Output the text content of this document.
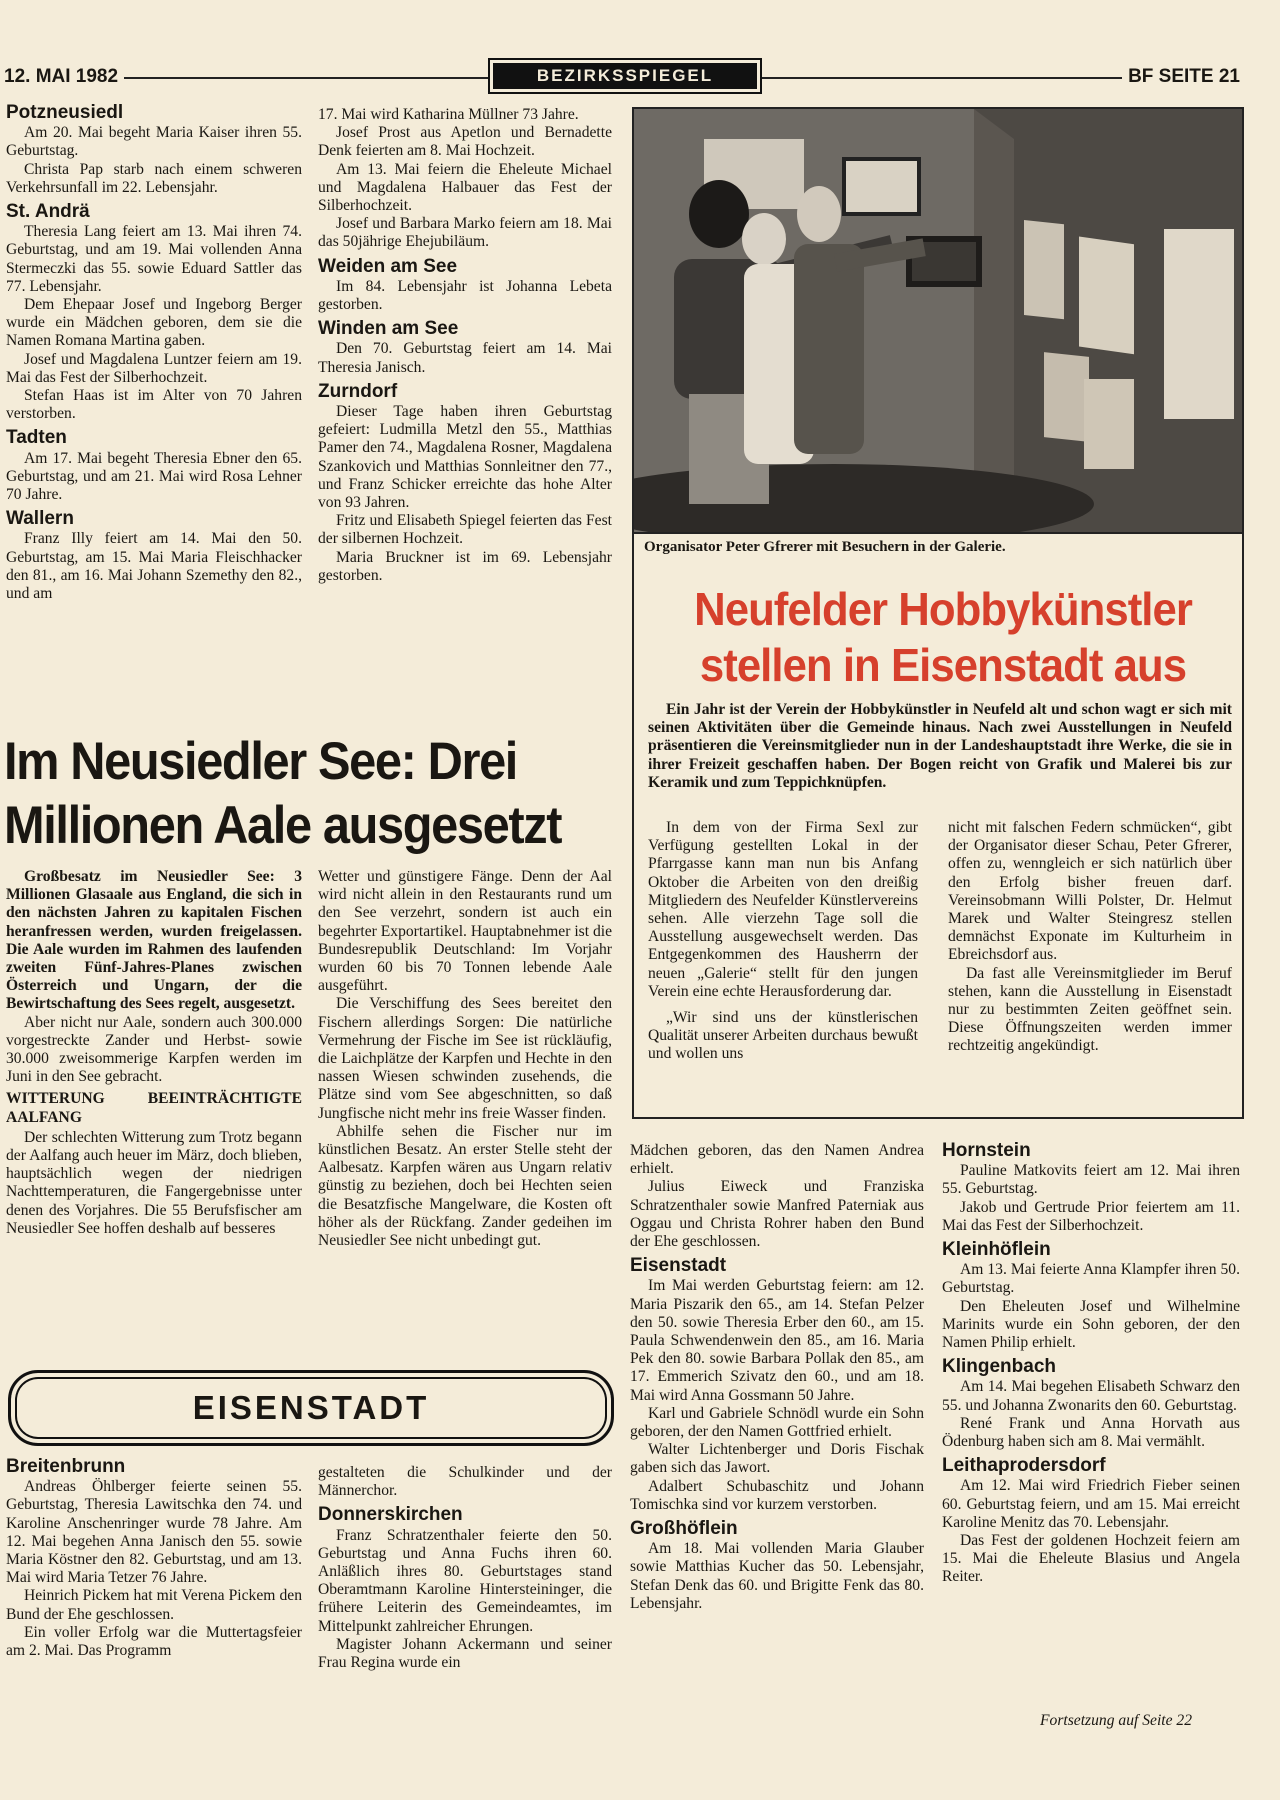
12. MAI 1982	BEZIRKSSPIEGEL	BF SEITE 21
Potzneusiedl

Am 20. Mai begeht Maria Kaiser ihren 55. Geburtstag.

Christa Pap starb nach einem schweren Verkehrsunfall im 22. Lebensjahr.

St. Andrä

Theresia Lang feiert am 13. Mai ihren 74. Geburtstag, und am 19. Mai vollenden Anna Stermeczki das 55. sowie Eduard Sattler das 77. Lebensjahr.

Dem Ehepaar Josef und Ingeborg Berger wurde ein Mädchen geboren, dem sie die Namen Romana Martina gaben.

Josef und Magdalena Luntzer feiern am 19. Mai das Fest der Silberhochzeit.

Stefan Haas ist im Alter von 70 Jahren verstorben.

Tadten

Am 17. Mai begeht Theresia Ebner den 65. Geburtstag, und am 21. Mai wird Rosa Lehner 70 Jahre.

Wallern

Franz Illy feiert am 14. Mai den 50. Geburtstag, am 15. Mai Maria Fleischhacker den 81., am 16. Mai Johann Szemethy den 82., und am

17. Mai wird Katharina Müllner 73 Jahre.

Josef Prost aus Apetlon und Bernadette Denk feierten am 8. Mai Hochzeit.

Am 13. Mai feiern die Eheleute Michael und Magdalena Halbauer das Fest der Silberhochzeit.

Josef und Barbara Marko feiern am 18. Mai das 50jährige Ehejubiläum.

Weiden am See

Im 84. Lebensjahr ist Johanna Lebeta gestorben.

Winden am See

Den 70. Geburtstag feiert am 14. Mai Theresia Janisch.

Zurndorf

Dieser Tage haben ihren Geburtstag gefeiert: Ludmilla Metzl den 55., Matthias Pamer den 74., Magdalena Rosner, Magdalena Szankovich und Matthias Sonnleitner den 77., und Franz Schicker erreichte das hohe Alter von 93 Jahren.

Fritz und Elisabeth Spiegel feierten das Fest der silbernen Hochzeit.

Maria Bruckner ist im 69. Lebensjahr gestorben.

Im Neusiedler See: Drei
Millionen Aale ausgesetzt

Großbesatz im Neusiedler See: 3 Millionen Glasaale aus England, die sich in den nächsten Jahren zu kapitalen Fischen heranfressen werden, wurden freigelassen. Die Aale wurden im Rahmen des laufenden zweiten Fünf-Jahres-Planes zwischen Österreich und Ungarn, der die Bewirtschaftung des Sees regelt, ausgesetzt.

Aber nicht nur Aale, sondern auch 300.000 vorgestreckte Zander und Herbst- sowie 30.000 zweisommerige Karpfen werden im Juni in den See gebracht.

WITTERUNG BEEINTRÄCHTIGTE AALFANG

Der schlechten Witterung zum Trotz begann der Aalfang auch heuer im März, doch blieben, hauptsächlich wegen der niedrigen Nachttemperaturen, die Fangergebnisse unter denen des Vorjahres. Die 55 Berufsfischer am Neusiedler See hoffen deshalb auf besseres

Wetter und günstigere Fänge. Denn der Aal wird nicht allein in den Restaurants rund um den See verzehrt, sondern ist auch ein begehrter Exportartikel. Hauptabnehmer ist die Bundesrepublik Deutschland: Im Vorjahr wurden 60 bis 70 Tonnen lebende Aale ausgeführt.

Die Verschiffung des Sees bereitet den Fischern allerdings Sorgen: Die natürliche Vermehrung der Fische im See ist rückläufig, die Laichplätze der Karpfen und Hechte in den nassen Wiesen schwinden zusehends, die Plätze sind vom See abgeschnitten, so daß Jungfische nicht mehr ins freie Wasser finden.

Abhilfe sehen die Fischer nur im künstlichen Besatz. An erster Stelle steht der Aalbesatz. Karpfen wären aus Ungarn relativ günstig zu beziehen, doch bei Hechten seien die Besatzfische Mangelware, die Kosten oft höher als der Rückfang. Zander gedeihen im Neusiedler See nicht unbedingt gut.

Organisator Peter Gfrerer mit Besuchern in der Galerie.
Neufelder Hobbykünstler
stellen in Eisenstadt aus
Ein Jahr ist der Verein der Hobbykünstler in Neufeld alt und schon wagt er sich mit seinen Aktivitäten über die Gemeinde hinaus. Nach zwei Ausstellungen in Neufeld präsentieren die Vereinsmitglieder nun in der Landeshauptstadt ihre Werke, die sie in ihrer Freizeit geschaffen haben. Der Bogen reicht von Grafik und Malerei bis zur Keramik und zum Teppichknüpfen.

In dem von der Firma Sexl zur Verfügung gestellten Lokal in der Pfarrgasse kann man nun bis Anfang Oktober die Arbeiten von den dreißig Mitgliedern des Neufelder Künstlervereins sehen. Alle vierzehn Tage soll die Ausstellung ausgewechselt werden. Das Entgegenkommen des Hausherrn der neuen „Galerie“ stellt für den jungen Verein eine echte Herausforderung dar.

„Wir sind uns der künstlerischen Qualität unserer Arbeiten durchaus bewußt und wollen uns

nicht mit falschen Federn schmücken“, gibt der Organisator dieser Schau, Peter Gfrerer, offen zu, wenngleich er sich natürlich über den Erfolg bisher freuen darf. Vereinsobmann Willi Polster, Dr. Helmut Marek und Walter Steingresz stellen demnächst Exponate im Kulturheim in Ebreichsdorf aus.

Da fast alle Vereinsmitglieder im Beruf stehen, kann die Ausstellung in Eisenstadt nur zu bestimmten Zeiten geöffnet sein. Diese Öffnungszeiten werden immer rechtzeitig angekündigt.

EISENSTADT
Breitenbrunn

Andreas Öhlberger feierte seinen 55. Geburtstag, Theresia Lawitschka den 74. und Karoline Anschenringer wurde 78 Jahre. Am 12. Mai begehen Anna Janisch den 55. sowie Maria Köstner den 82. Geburtstag, und am 13. Mai wird Maria Tetzer 76 Jahre.

Heinrich Pickem hat mit Verena Pickem den Bund der Ehe geschlossen.

Ein voller Erfolg war die Muttertagsfeier am 2. Mai. Das Programm

gestalteten die Schulkinder und der Männerchor.

Donnerskirchen

Franz Schratzenthaler feierte den 50. Geburtstag und Anna Fuchs ihren 60. Anläßlich ihres 80. Geburtstages stand Oberamtmann Karoline Hintersteininger, die frühere Leiterin des Gemeindeamtes, im Mittelpunkt zahlreicher Ehrungen.

Magister Johann Ackermann und seiner Frau Regina wurde ein

Mädchen geboren, das den Namen Andrea erhielt.

Julius Eiweck und Franziska Schratzenthaler sowie Manfred Paterniak aus Oggau und Christa Rohrer haben den Bund der Ehe geschlossen.

Eisenstadt

Im Mai werden Geburtstag feiern: am 12. Maria Piszarik den 65., am 14. Stefan Pelzer den 50. sowie Theresia Erber den 60., am 15. Paula Schwendenwein den 85., am 16. Maria Pek den 80. sowie Barbara Pollak den 85., am 17. Emmerich Szivatz den 60., und am 18. Mai wird Anna Gossmann 50 Jahre.

Karl und Gabriele Schnödl wurde ein Sohn geboren, der den Namen Gottfried erhielt.

Walter Lichtenberger und Doris Fischak gaben sich das Jawort.

Adalbert Schubaschitz und Johann Tomischka sind vor kurzem verstorben.

Großhöflein

Am 18. Mai vollenden Maria Glauber sowie Matthias Kucher das 50. Lebensjahr, Stefan Denk das 60. und Brigitte Fenk das 80. Lebensjahr.

Hornstein

Pauline Matkovits feiert am 12. Mai ihren 55. Geburtstag.

Jakob und Gertrude Prior feiertem am 11. Mai das Fest der Silberhochzeit.

Kleinhöflein

Am 13. Mai feierte Anna Klampfer ihren 50. Geburtstag.

Den Eheleuten Josef und Wilhelmine Marinits wurde ein Sohn geboren, der den Namen Philip erhielt.

Klingenbach

Am 14. Mai begehen Elisabeth Schwarz den 55. und Johanna Zwonarits den 60. Geburtstag.

René Frank und Anna Horvath aus Ödenburg haben sich am 8. Mai vermählt.

Leithaprodersdorf

Am 12. Mai wird Friedrich Fieber seinen 60. Geburtstag feiern, und am 15. Mai erreicht Karoline Menitz das 70. Lebensjahr.

Das Fest der goldenen Hochzeit feiern am 15. Mai die Eheleute Blasius und Angela Reiter.

Fortsetzung auf Seite 22
